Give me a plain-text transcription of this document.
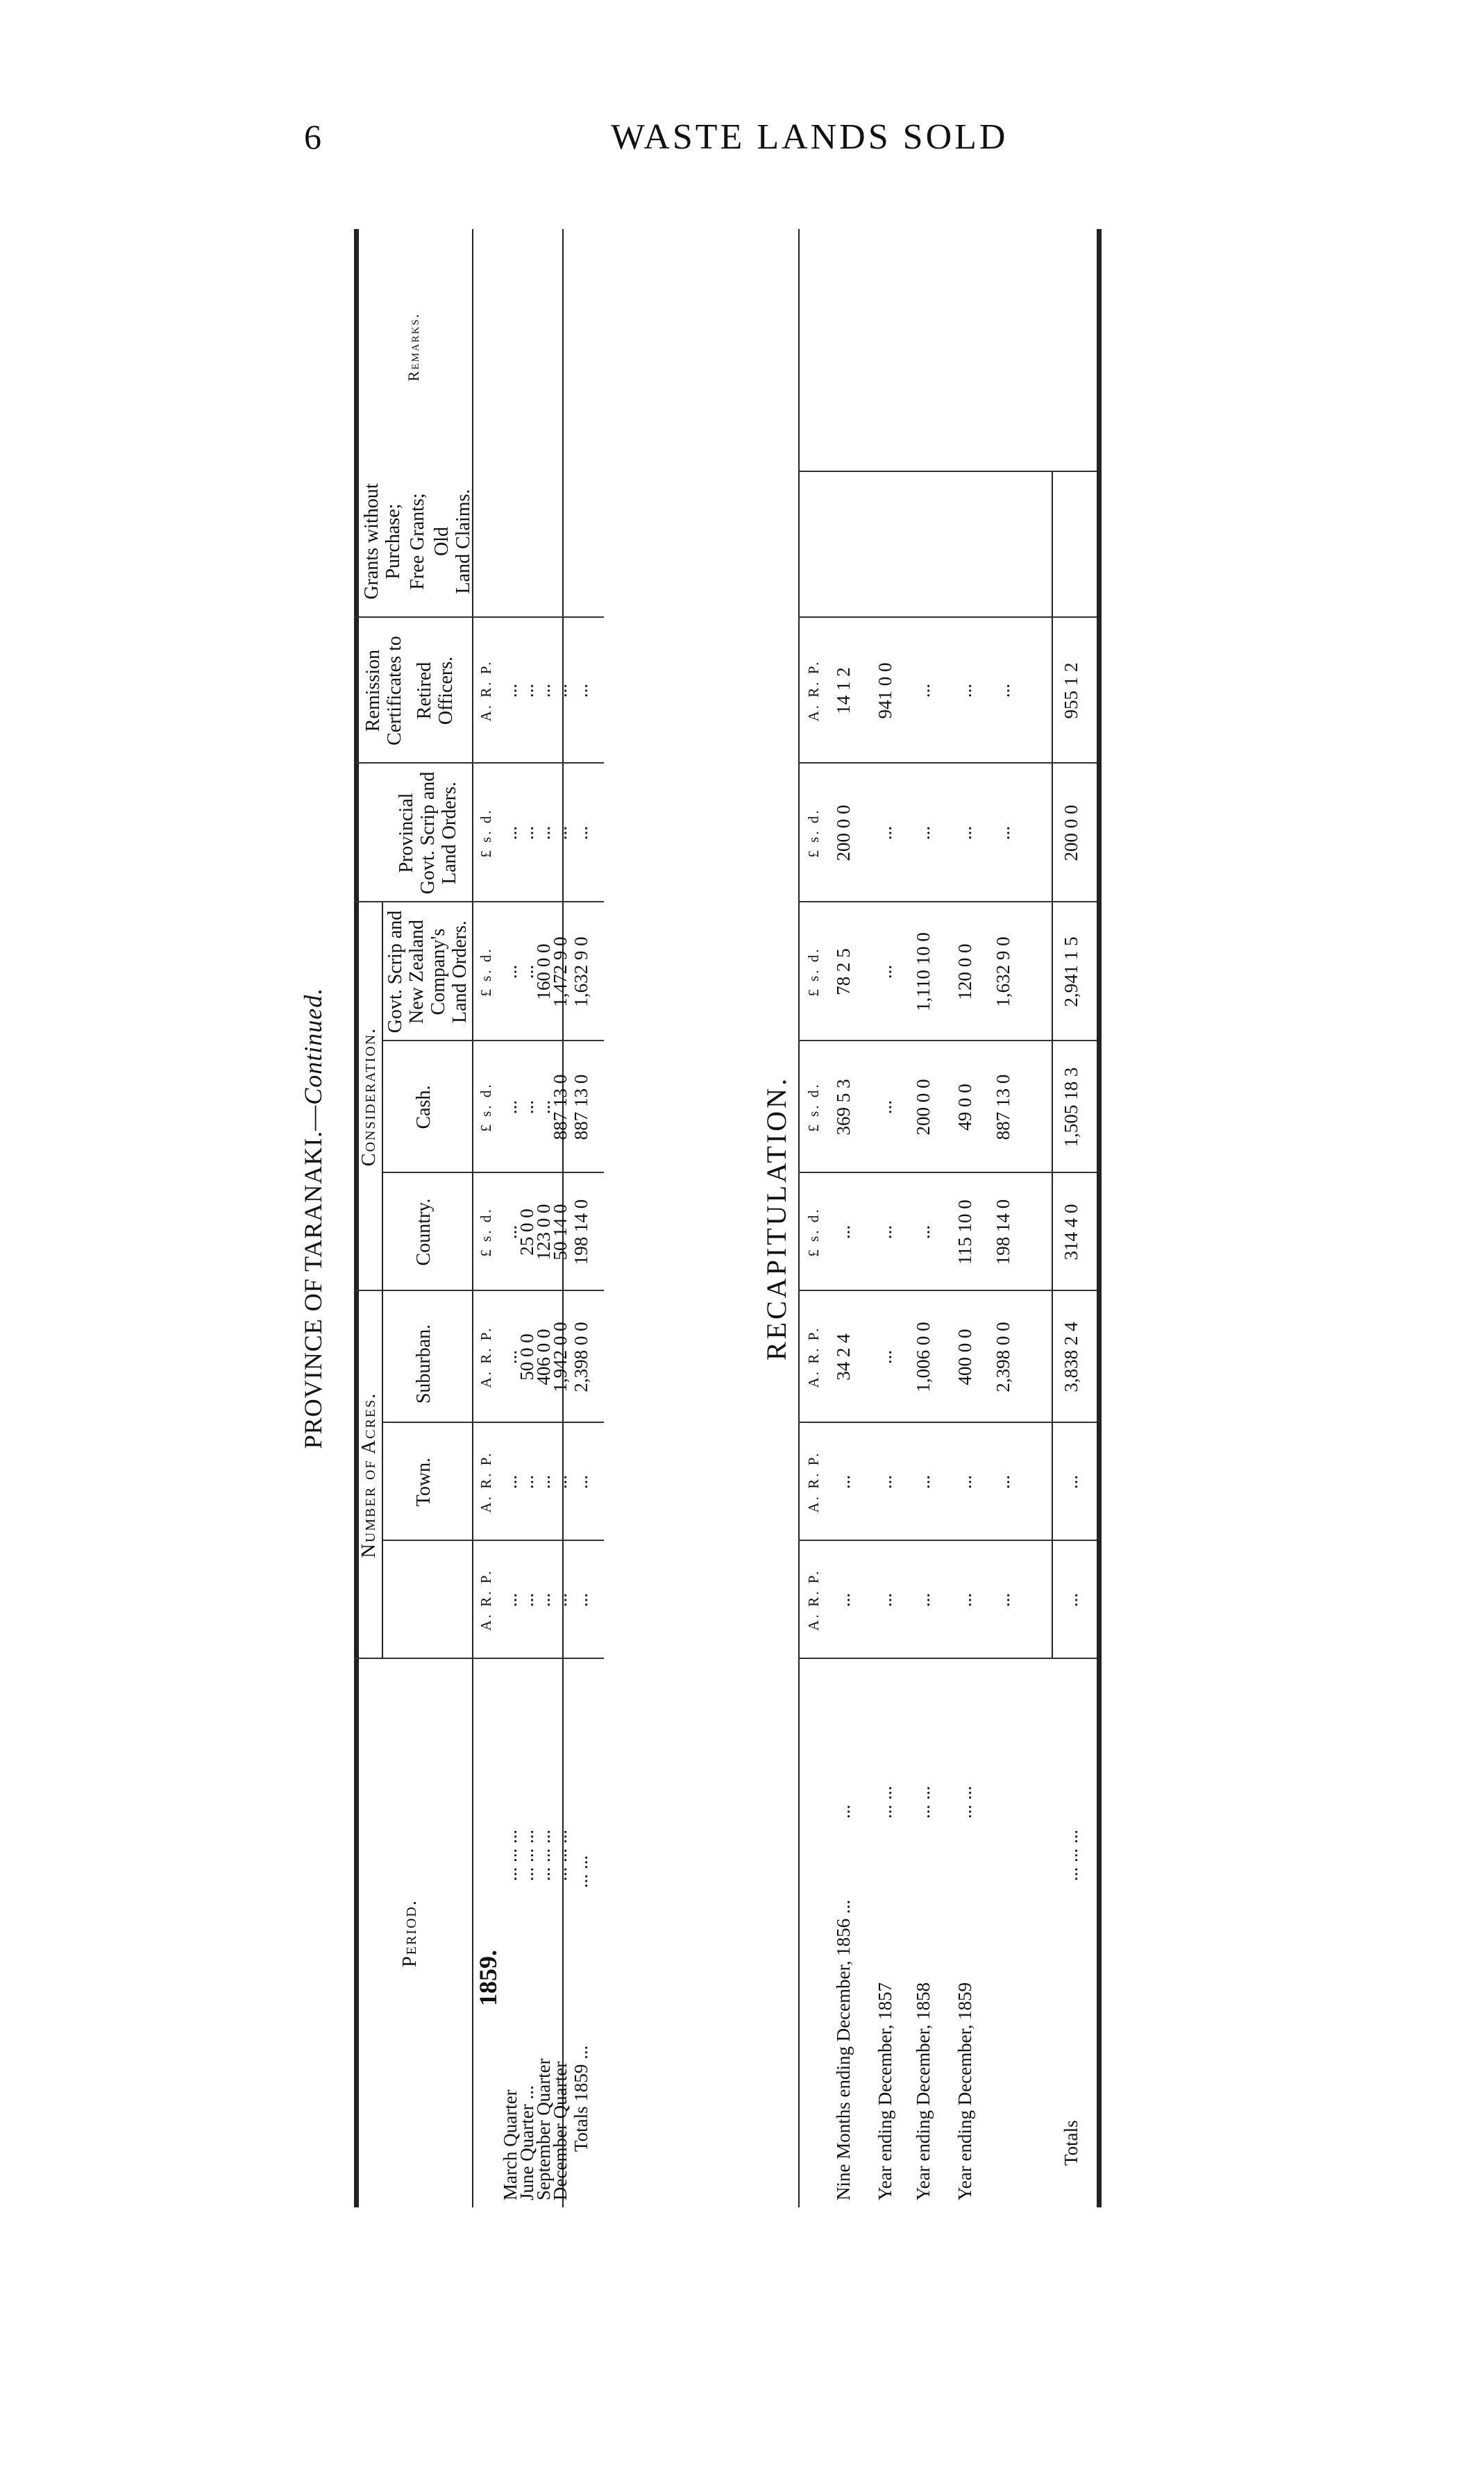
6	WASTE LANDS SOLD
PROVINCE OF TARANAKI.—Continued.
Period.
Number of Acres. Town.
Suburban.
Consideration.
Country.
Cash.
Govt. Scrip and New Zealand Company's Land Orders.
Provincial Govt. Scrip and Land Orders.
Remission Certificates to Retired Officers.
Grants without Purchase; Free Grants; Old Land Claims.
Remarks.
A. R. P.
A. R. P.
A. R. P.
£ s. d.
£ s. d.
£ s. d.
£ s. d.
A. R. P.
1859.
March Quarter
... ... ...
...
...
...
...
...
...
...
...
June Quarter ...
... ... ...
...
...
50 0 0
25 0 0
...
...
...
...
September Quarter
... ... ...
...
...
406 0 0
123 0 0
...
160 0 0
...
...
December Quarter
... ... ...
...
...
1,942 0 0
50 14 0
887 13 0
1,472 9 0
...
...
Totals 1859 ...
... ...
...
...
2,398 0 0
198 14 0
887 13 0
1,632 9 0
...
...
RECAPITULATION.
A. R. P.
A. R. P.
A. R. P.
£ s. d.
£ s. d.
£ s. d.
£ s. d.
A. R. P.
Nine Months ending December, 1856 ...
...
...
...
34 2 4
...
369 5 3
78 2 5
200 0 0
14 1 2
Year ending December, 1857
... ...
...
...
...
...
...
...
...
941 0 0
Year ending December, 1858
... ...
...
...
1,006 0 0
...
200 0 0
1,110 10 0
...
...
Year ending December, 1859
... ...
...
...
400 0 0
115 10 0
49 0 0
120 0 0
...
...
...
...
2,398 0 0
198 14 0
887 13 0
1,632 9 0
...
...
Totals
... ... ...
...
...
3,838 2 4
314 4 0
1,505 18 3
2,941 1 5
200 0 0
955 1 2
